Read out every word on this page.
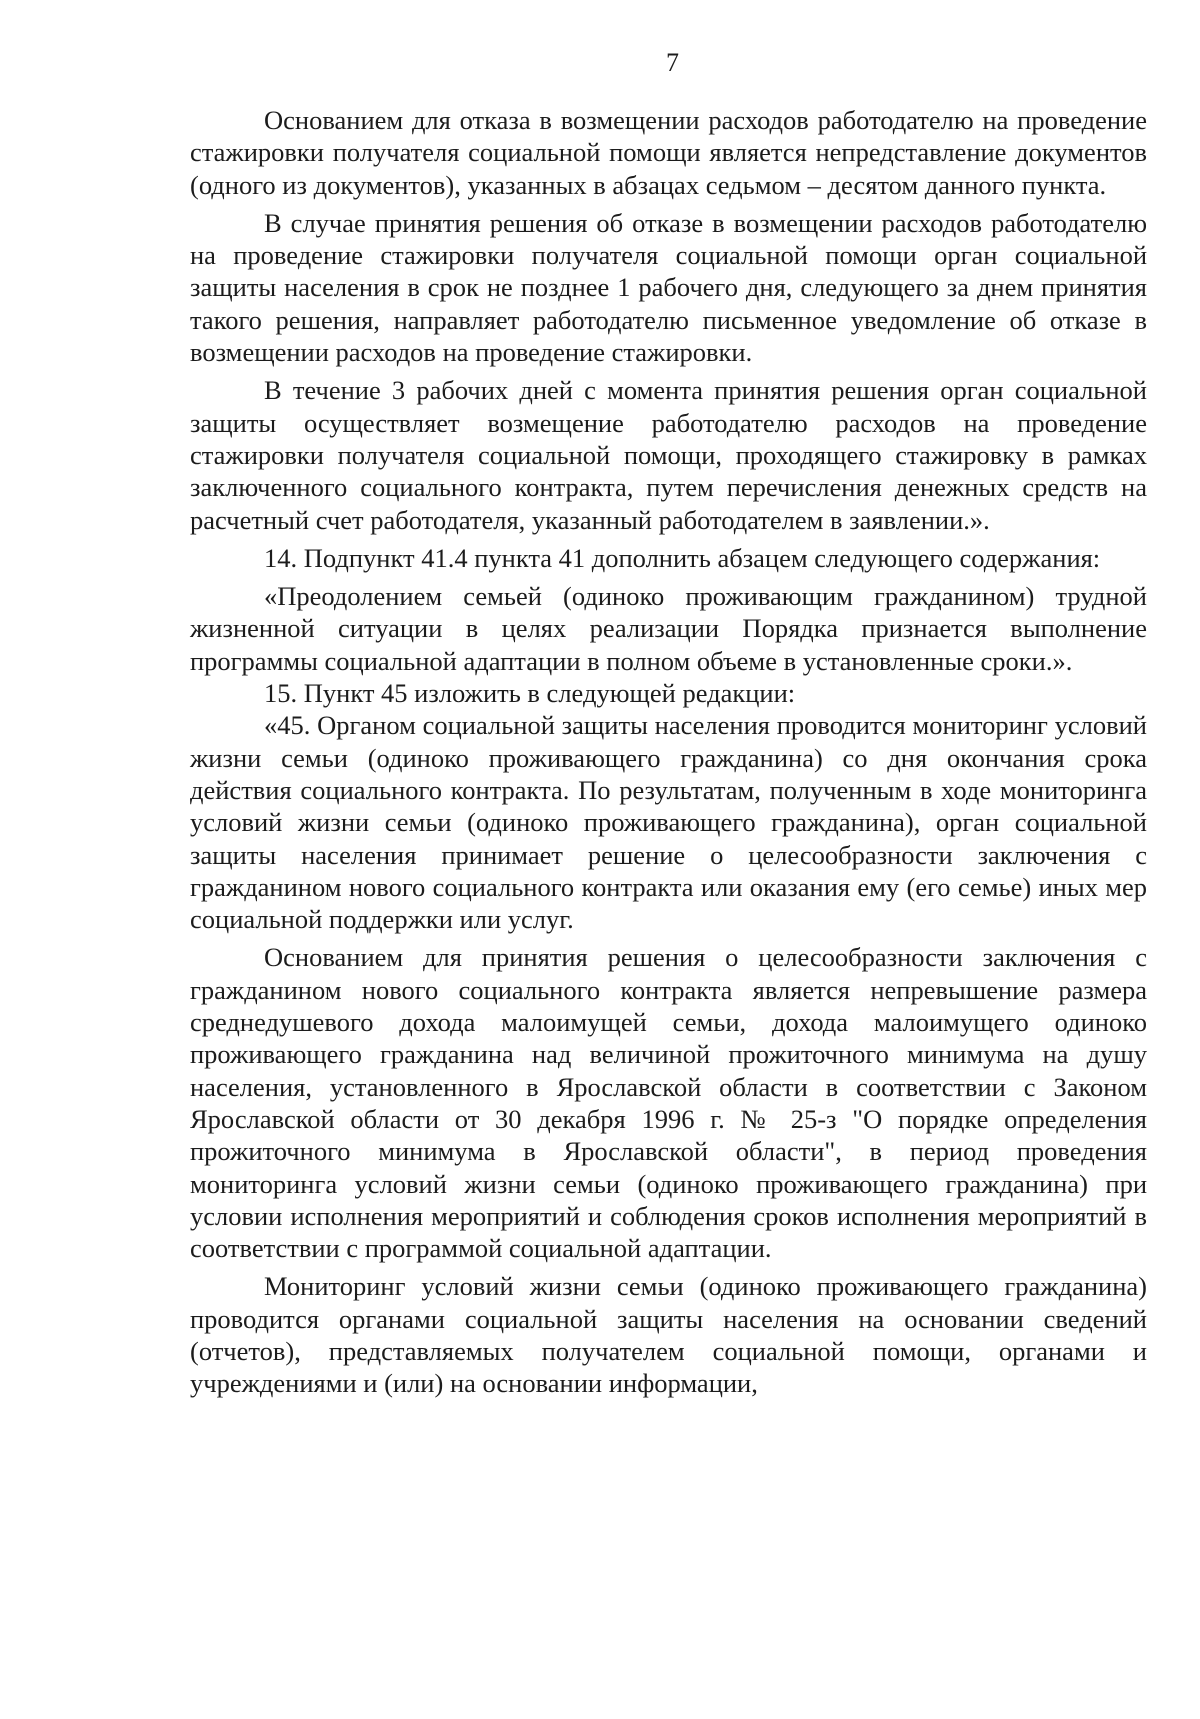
7

Основанием для отказа в возмещении расходов работодателю на проведение стажировки получателя социальной помощи является непредставление документов (одного из документов), указанных в абзацах седьмом – десятом данного пункта.

В случае принятия решения об отказе в возмещении расходов работодателю на проведение стажировки получателя социальной помощи орган социальной защиты населения в срок не позднее 1 рабочего дня, следующего за днем принятия такого решения, направляет работодателю письменное уведомление об отказе в возмещении расходов на проведение стажировки.

В течение 3 рабочих дней с момента принятия решения орган социальной защиты осуществляет возмещение работодателю расходов на проведение стажировки получателя социальной помощи, проходящего стажировку в рамках заключенного социального контракта, путем перечисления денежных средств на расчетный счет работодателя, указанный работодателем в заявлении.».

14. Подпункт 41.4 пункта 41 дополнить абзацем следующего содержания:

«Преодолением семьей (одиноко проживающим гражданином) трудной жизненной ситуации в целях реализации Порядка признается выполнение программы социальной адаптации в полном объеме в установленные сроки.».

15. Пункт 45 изложить в следующей редакции:

«45. Органом социальной защиты населения проводится мониторинг условий жизни семьи (одиноко проживающего гражданина) со дня окончания срока действия социального контракта. По результатам, полученным в ходе мониторинга условий жизни семьи (одиноко проживающего гражданина), орган социальной защиты населения принимает решение о целесообразности заключения с гражданином нового социального контракта или оказания ему (его семье) иных мер социальной поддержки или услуг.

Основанием для принятия решения о целесообразности заключения с гражданином нового социального контракта является непревышение размера среднедушевого дохода малоимущей семьи, дохода малоимущего одиноко проживающего гражданина над величиной прожиточного минимума на душу населения, установленного в Ярославской области в соответствии с Законом Ярославской области от 30 декабря 1996 г. № 25-з "О порядке определения прожиточного минимума в Ярославской области", в период проведения мониторинга условий жизни семьи (одиноко проживающего гражданина) при условии исполнения мероприятий и соблюдения сроков исполнения мероприятий в соответствии с программой социальной адаптации.

Мониторинг условий жизни семьи (одиноко проживающего гражданина) проводится органами социальной защиты населения на основании сведений (отчетов), представляемых получателем социальной помощи, органами и учреждениями и (или) на основании информации,
